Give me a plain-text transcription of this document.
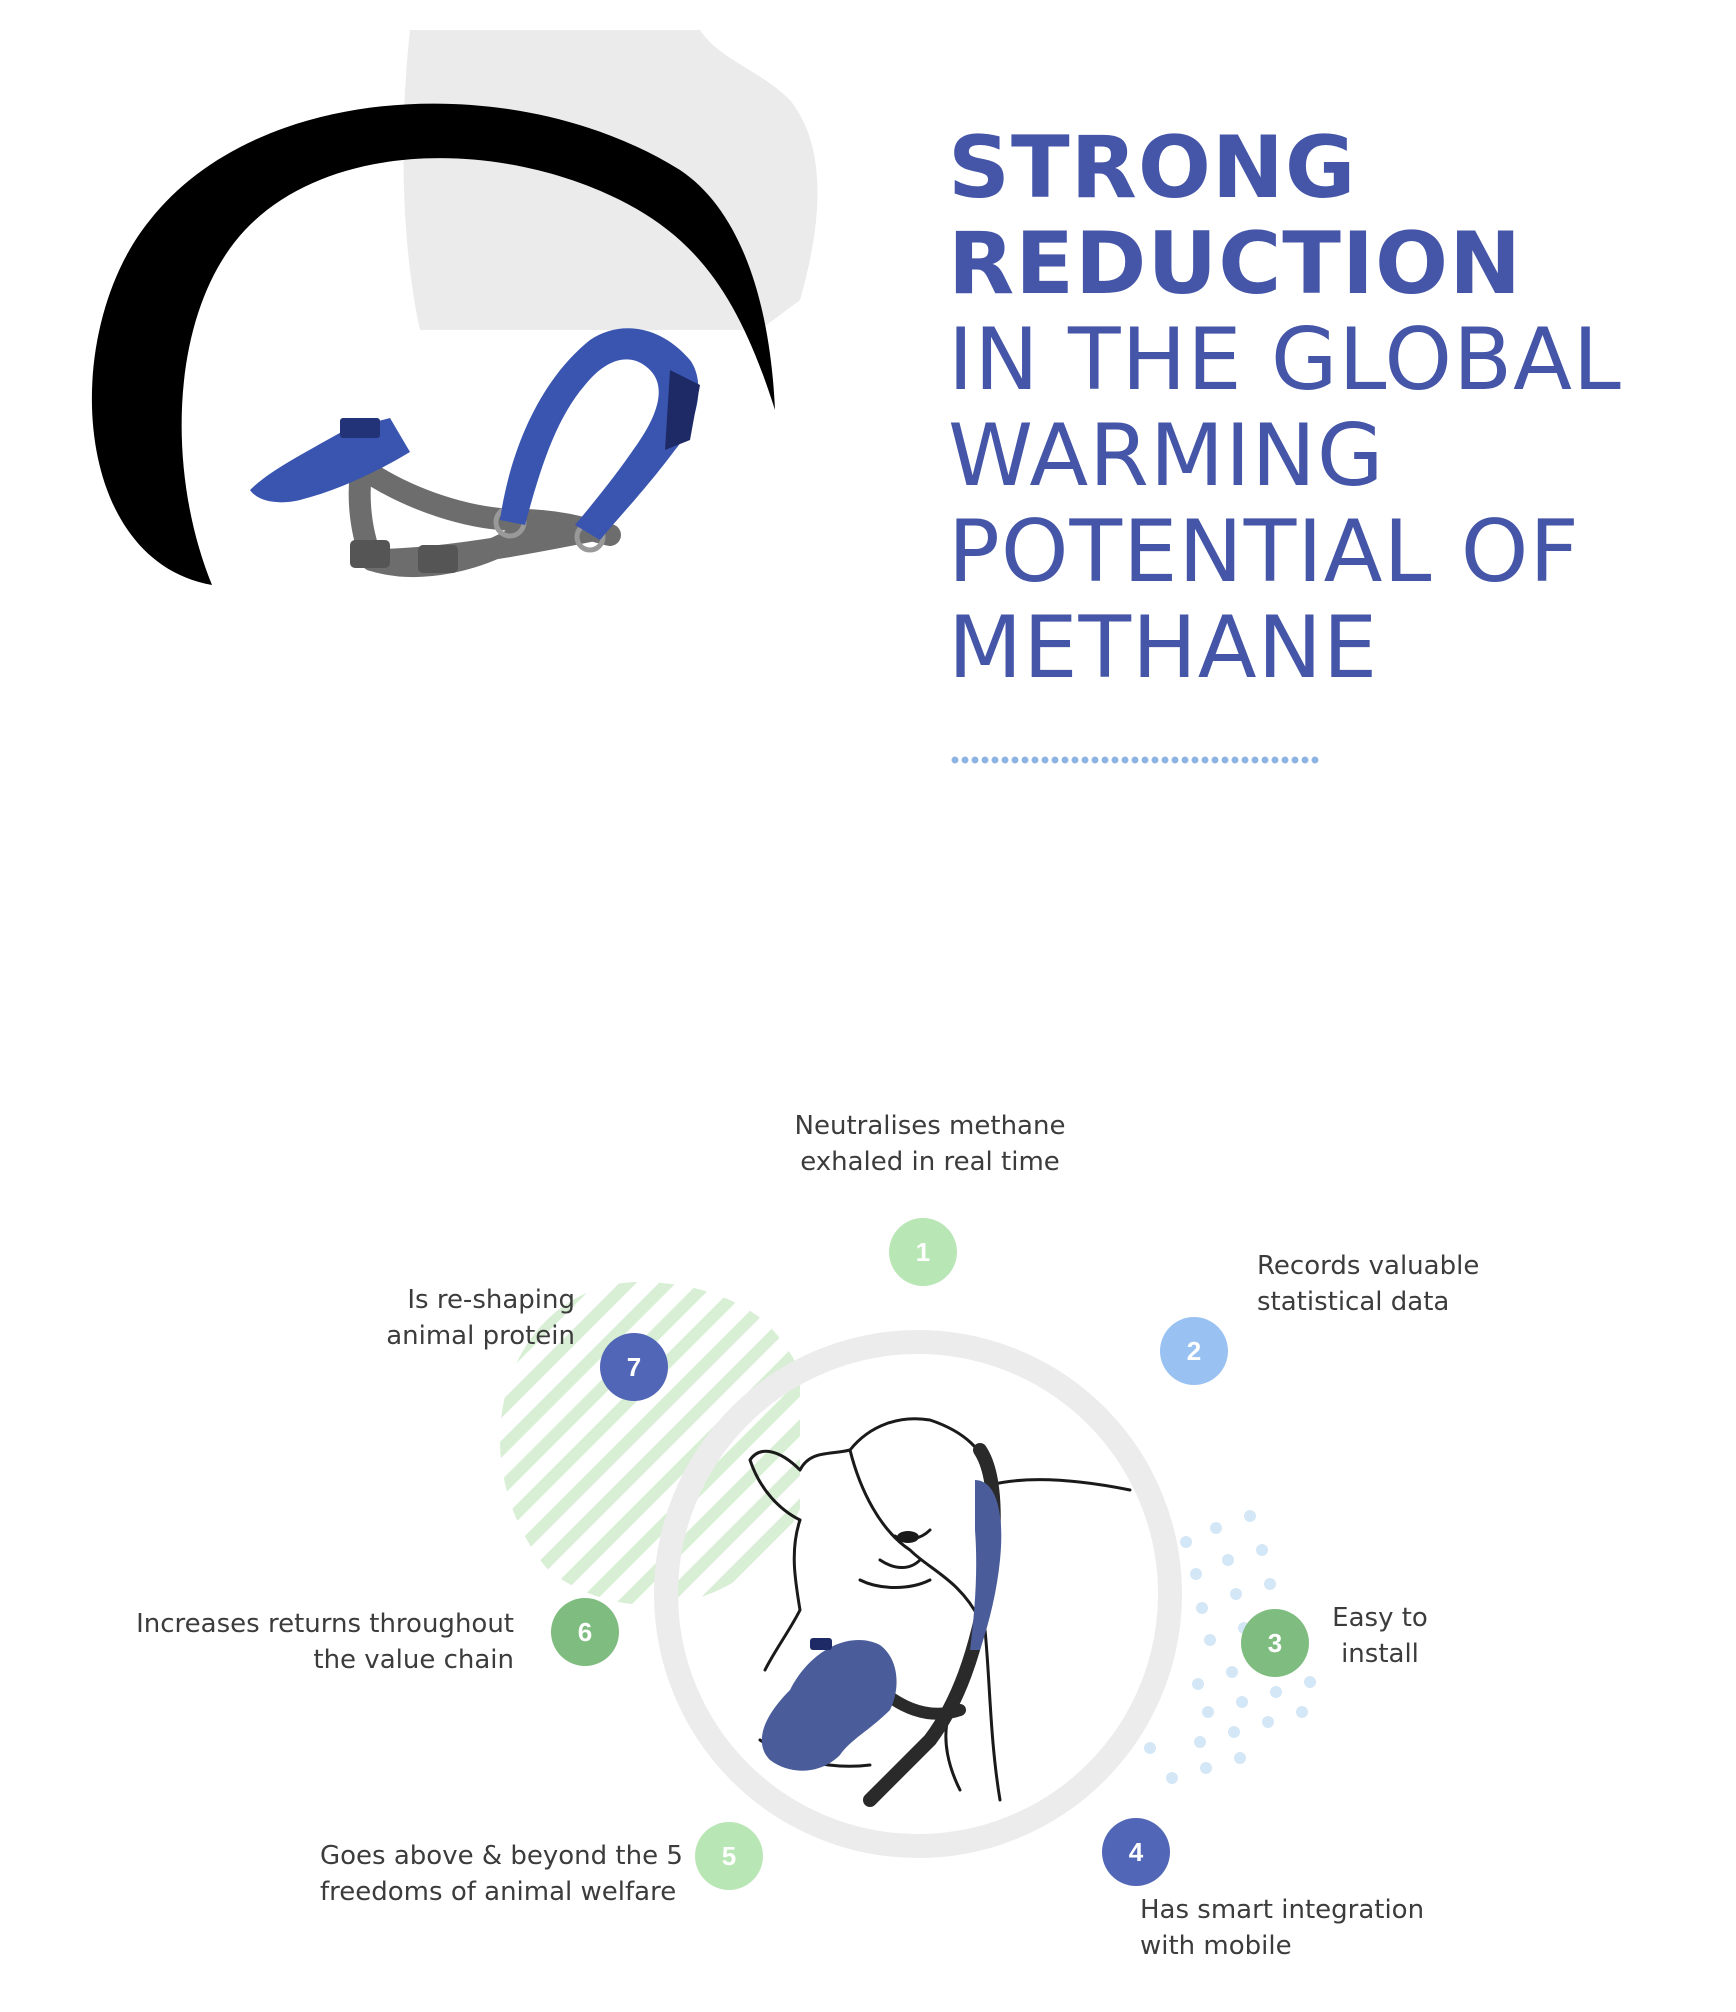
STRONG
REDUCTION
IN THE GLOBAL
WARMING
POTENTIAL OF
METHANE
1
2
3
4
5
6
7
Neutralises methane
exhaled in real time
Records valuable
statistical data
Easy to
install
Has smart integration
with mobile
Goes above & beyond the 5
freedoms of animal welfare
Increases returns throughout
the value chain
Is re-shaping
animal protein
